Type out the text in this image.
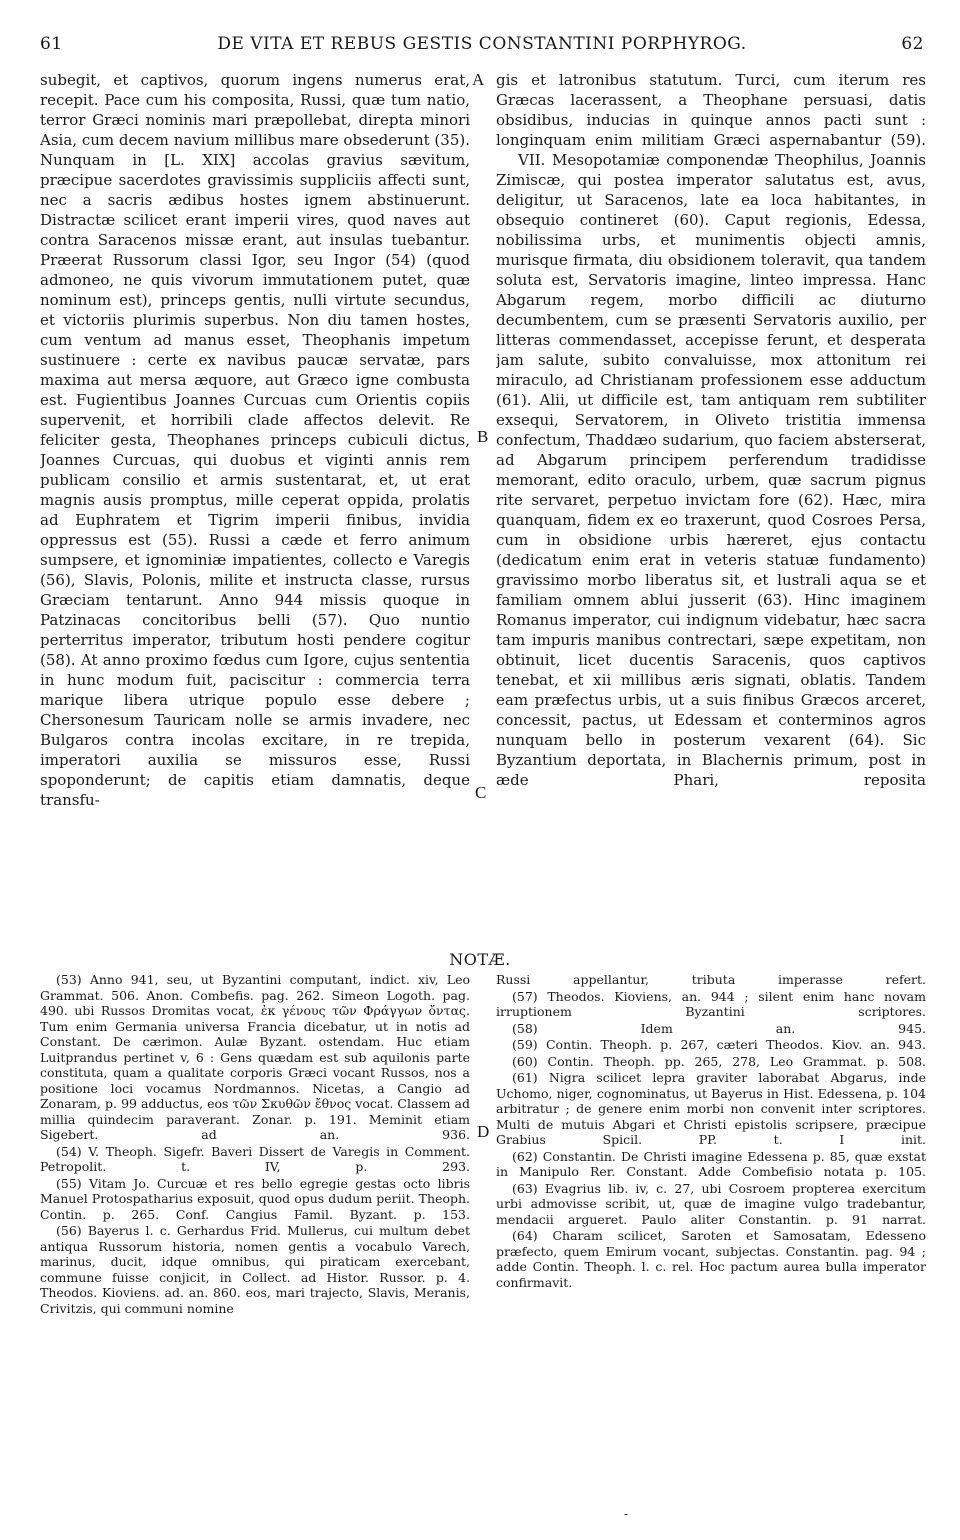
61	DE VITA ET REBUS GESTIS CONSTANTINI PORPHYROG.	62

subegit, et captivos, quorum ingens numerus erat, recepit. Pace cum his composita, Russi, quæ tum natio, terror Græci nominis mari præpollebat, direpta minori Asia, cum decem navium millibus mare obsederunt (35). Nunquam in [L. XIX] accolas gravius sævitum, præcipue sacerdotes gravissimis suppliciis affecti sunt, nec a sacris ædibus hostes ignem abstinuerunt. Distractæ scilicet erant imperii vires, quod naves aut contra Saracenos missæ erant, aut insulas tuebantur. Præerat Russorum classi Igor, seu Ingor (54) (quod admoneo, ne quis vivorum immutationem putet, quæ nominum est), princeps gentis, nulli virtute secundus, et victoriis plurimis superbus. Non diu tamen hostes, cum ventum ad manus esset, Theophanis impetum sustinuere : certe ex navibus paucæ servatæ, pars maxima aut mersa æquore, aut Græco igne combusta est. Fugientibus Joannes Curcuas cum Orientis copiis supervenit, et horribili clade affectos delevit. Re feliciter gesta, Theophanes princeps cubiculi dictus, Joannes Curcuas, qui duobus et viginti annis rem publicam consilio et armis sustentarat, et, ut erat magnis ausis promptus, mille ceperat oppida, prolatis ad Euphratem et Tigrim imperii finibus, invidia oppressus est (55). Russi a cæde et ferro animum sumpsere, et ignominiæ impatientes, collecto e Varegis (56), Slavis, Polonis, milite et instructa classe, rursus Græciam tentarunt. Anno 944 missis quoque in Patzinacas concitoribus belli (57). Quo nuntio perterritus imperator, tributum hosti pendere cogitur (58). At anno proximo fœdus cum Igore, cujus sententia in hunc modum fuit, paciscitur : commercia terra marique libera utrique populo esse debere ; Chersonesum Tauricam nolle se armis invadere, nec Bulgaros contra incolas excitare, in re trepida, imperatori auxilia se missuros esse, Russi spoponderunt; de capitis etiam damnatis, deque transfu-

gis et latronibus statutum. Turci, cum iterum res Græcas lacerassent, a Theophane persuasi, datis obsidibus, inducias in quinque annos pacti sunt : longinquam enim militiam Græci aspernabantur (59).

VII. Mesopotamiæ componendæ Theophilus, Joannis Zimiscæ, qui postea imperator salutatus est, avus, deligitur, ut Saracenos, late ea loca habitantes, in obsequio contineret (60). Caput regionis, Edessa, nobilissima urbs, et munimentis objecti amnis, murisque firmata, diu obsidionem toleravit, qua tandem soluta est, Servatoris imagine, linteo impressa. Hanc Abgarum regem, morbo difficili ac diuturno decumbentem, cum se præsenti Servatoris auxilio, per litteras commendasset, accepisse ferunt, et desperata jam salute, subito convaluisse, mox attonitum rei miraculo, ad Christianam professionem esse adductum (61). Alii, ut difficile est, tam antiquam rem subtiliter exsequi, Servatorem, in Oliveto tristitia immensa confectum, Thaddæo sudarium, quo faciem absterserat, ad Abgarum principem perferendum tradidisse memorant, edito oraculo, urbem, quæ sacrum pignus rite servaret, perpetuo invictam fore (62). Hæc, mira quanquam, fidem ex eo traxerunt, quod Cosroes Persa, cum in obsidione urbis hæreret, ejus contactu (dedicatum enim erat in veteris statuæ fundamento) gravissimo morbo liberatus sit, et lustrali aqua se et familiam omnem ablui jusserit (63). Hinc imaginem Romanus imperator, cui indignum videbatur, hæc sacra tam impuris manibus contrectari, sæpe expetitam, non obtinuit, licet ducentis Saracenis, quos captivos tenebat, et xii millibus æris signati, oblatis. Tandem eam præfectus urbis, ut a suis finibus Græcos arceret, concessit, pactus, ut Edessam et conterminos agros nunquam bello in posterum vexarent (64). Sic Byzantium deportata, in Blachernis primum, post in æde Phari, reposita

A
B
C
D
NOTÆ.

(53) Anno 941, seu, ut Byzantini computant, indict. xiv, Leo Grammat. 506. Anon. Combefis. pag. 262. Simeon Logoth. pag. 490. ubi Russos Dromitas vocat, ἐκ γένους τῶν Φράγγων ὄντας. Tum enim Germania universa Francia dicebatur, ut in notis ad Constant. De cærimon. Aulæ Byzant. ostendam. Huc etiam Luitprandus pertinet v, 6 : Gens quædam est sub aquilonis parte constituta, quam a qualitate corporis Græci vocant Russos, nos a positione loci vocamus Nordmannos. Nicetas, a Cangio ad Zonaram, p. 99 adductus, eos τῶν Σκυθῶν ἔθνος vocat. Classem ad millia quindecim paraverant. Zonar. p. 191. Meminit etiam Sigebert. ad an. 936.

(54) V. Theoph. Sigefr. Baveri Dissert de Varegis in Comment. Petropolit. t. IV, p. 293.

(55) Vitam Jo. Curcuæ et res bello egregie gestas octo libris Manuel Protospatharius exposuit, quod opus dudum periit. Theoph. Contin. p. 265. Conf. Cangius Famil. Byzant. p. 153.

(56) Bayerus l. c. Gerhardus Frid. Mullerus, cui multum debet antiqua Russorum historia, nomen gentis a vocabulo Varech, marinus, ducit, idque omnibus, qui piraticam exercebant, commune fuisse conjicit, in Collect. ad Histor. Russor. p. 4. Theodos. Kioviens. ad. an. 860. eos, mari trajecto, Slavis, Meranis, Crivitzis, qui communi nomine

Russi appellantur, tributa imperasse refert.

(57) Theodos. Kioviens, an. 944 ; silent enim hanc novam irruptionem Byzantini scriptores.

(58) Idem an. 945.

(59) Contin. Theoph. p. 267, cæteri Theodos. Kiov. an. 943.

(60) Contin. Theoph. pp. 265, 278, Leo Grammat. p. 508.

(61) Nigra scilicet lepra graviter laborabat Abgarus, inde Uchomo, niger, cognominatus, ut Bayerus in Hist. Edessena, p. 104 arbitratur ; de genere enim morbi non convenit inter scriptores. Multi de mutuis Abgari et Christi epistolis scripsere, præcipue Grabius Spicil. PP. t. I init.

(62) Constantin. De Christi imagine Edessena p. 85, quæ exstat in Manipulo Rer. Constant. Adde Combefisio notata p. 105.

(63) Evagrius lib. iv, c. 27, ubi Cosroem propterea exercitum urbi admovisse scribit, ut, quæ de imagine vulgo tradebantur, mendacii argueret. Paulo aliter Constantin. p. 91 narrat.

(64) Charam scilicet, Saroten et Samosatam, Edesseno præfecto, quem Emirum vocant, subjectas. Constantin. pag. 94 ; adde Contin. Theoph. l. c. rel. Hoc pactum aurea bulla imperator confirmavit.

-
